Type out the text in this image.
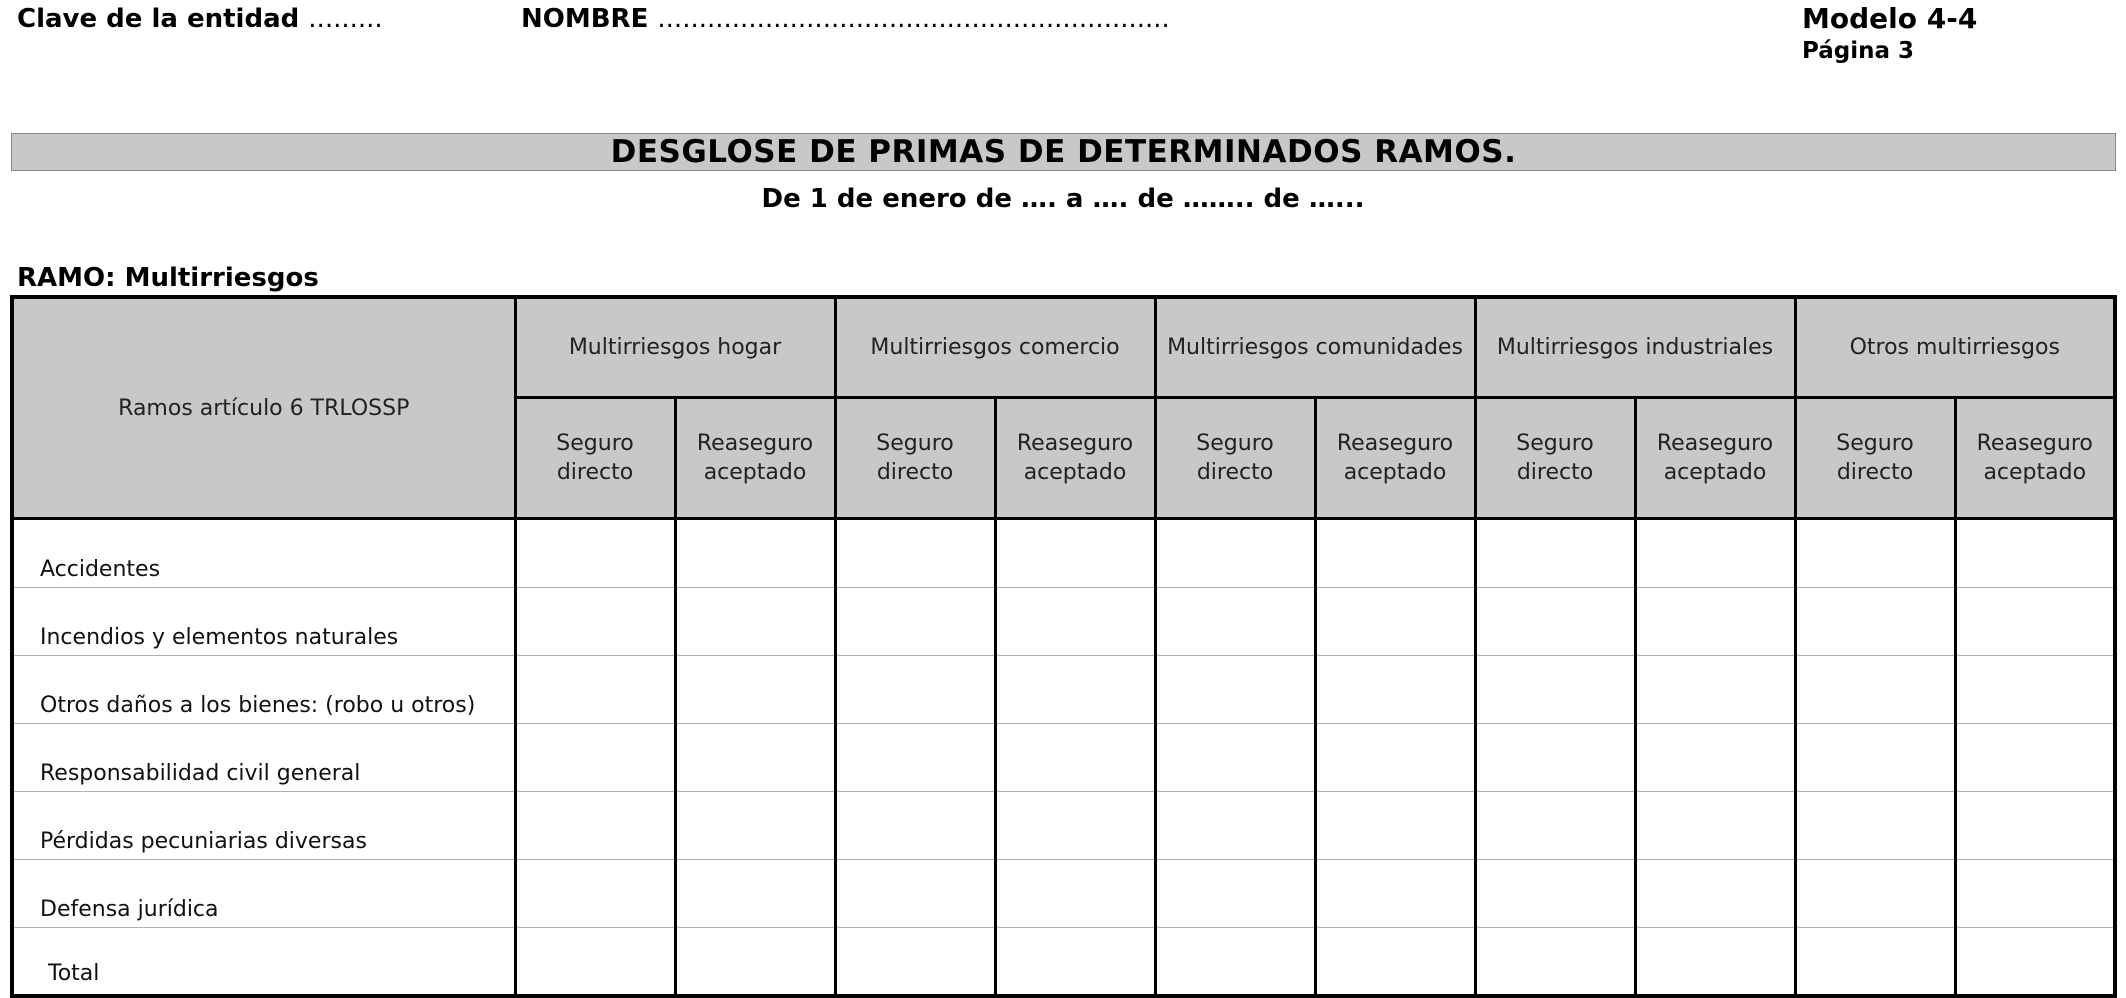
Clave de la entidad .........	NOMBRE ..............................................................	Modelo 4-4
Página 3
DESGLOSE DE PRIMAS DE DETERMINADOS RAMOS.
De 1 de enero de …. a …. de …….. de …...
RAMO: Multirriesgos
Ramos artículo 6 TRLOSSP	Multirriesgos hogar		Multirriesgos comercio		Multirriesgos comunidades		Multirriesgos industriales		Otros multirriesgos	
	Seguro
directo	Reaseguro
aceptado	Seguro
directo	Reaseguro
aceptado	Seguro
directo	Reaseguro
aceptado	Seguro
directo	Reaseguro
aceptado	Seguro
directo	Reaseguro
aceptado
Accidentes										
Incendios y elementos naturales										
Otros daños a los bienes: (robo u otros)										
Responsabilidad civil general										
Pérdidas pecuniarias diversas										
Defensa jurídica										
Total										
